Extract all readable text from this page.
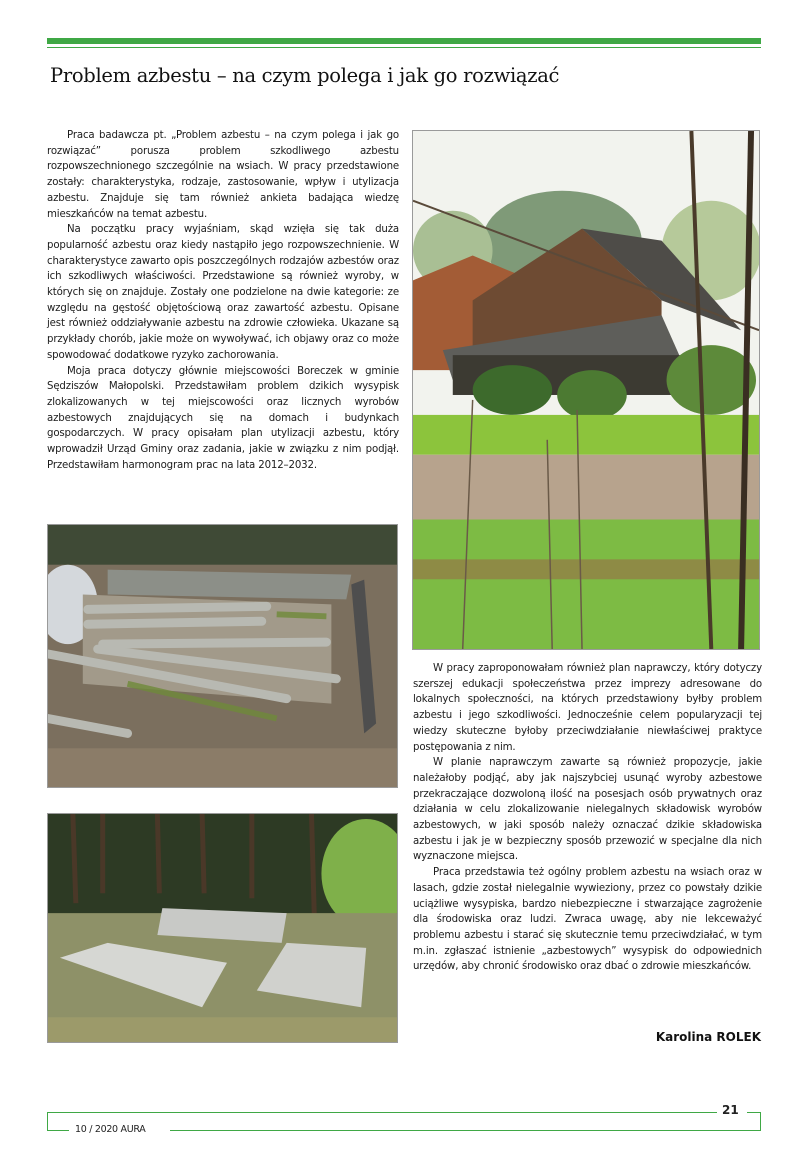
Problem azbestu – na czym polega i jak go rozwiązać

Praca badawcza pt. „Problem azbestu – na czym polega i jak go rozwiązać” porusza problem szkodliwego azbestu rozpowszechnionego szczególnie na wsiach. W pracy przedstawione zostały: charakterystyka, rodzaje, zastosowanie, wpływ i utylizacja azbestu. Znajduje się tam również ankieta badająca wiedzę mieszkańców na temat azbestu.

Na początku pracy wyjaśniam, skąd wzięła się tak duża popularność azbestu oraz kiedy nastąpiło jego rozpowszechnienie. W charakterystyce zawarto opis poszczególnych rodzajów azbestów oraz ich szkodliwych właściwości. Przedstawione są również wyroby, w których się on znajduje. Zostały one podzielone na dwie kategorie: ze względu na gęstość objętościową oraz zawartość azbestu. Opisane jest również oddziaływanie azbestu na zdrowie człowieka. Ukazane są przykłady chorób, jakie może on wywoływać, ich objawy oraz co może spowodować dodatkowe ryzyko zachorowania.

Moja praca dotyczy głównie miejscowości Boreczek w gminie Sędziszów Małopolski. Przedstawiłam problem dzikich wysypisk zlokalizowanych w tej miejscowości oraz licznych wyrobów azbestowych znajdujących się na domach i budynkach gospodarczych. W pracy opisałam plan utylizacji azbestu, który wprowadził Urząd Gminy oraz zadania, jakie w związku z nim podjął. Przedstawiłam harmonogram prac na lata 2012–2032.

W pracy zaproponowałam również plan naprawczy, który dotyczy szerszej edukacji społeczeństwa przez imprezy adresowane do lokalnych społeczności, na których przedstawiony byłby problem azbestu i jego szkodliwości. Jednocześnie celem popularyzacji tej wiedzy skuteczne byłoby przeciwdziałanie niewłaściwej praktyce postępowania z nim.

W planie naprawczym zawarte są również propozycje, jakie należałoby podjąć, aby jak najszybciej usunąć wyroby azbestowe przekraczające dozwoloną ilość na posesjach osób prywatnych oraz działania w celu zlokalizowanie nielegalnych składowisk wyrobów azbestowych, w jaki sposób należy oznaczać dzikie składowiska azbestu i jak je w bezpieczny sposób przewozić w specjalne dla nich wyznaczone miejsca.

Praca przedstawia też ogólny problem azbestu na wsiach oraz w lasach, gdzie został nielegalnie wywieziony, przez co powstały dzikie uciążliwe wysypiska, bardzo niebezpieczne i stwarzające zagrożenie dla środowiska oraz ludzi. Zwraca uwagę, aby nie lekceważyć problemu azbestu i starać się skutecznie temu przeciwdziałać, w tym m.in. zgłaszać istnienie „azbestowych” wysypisk do odpowiednich urzędów, aby chronić środowisko oraz dbać o zdrowie mieszkańców.

Karolina ROLEK
10 / 2020 AURA
21
